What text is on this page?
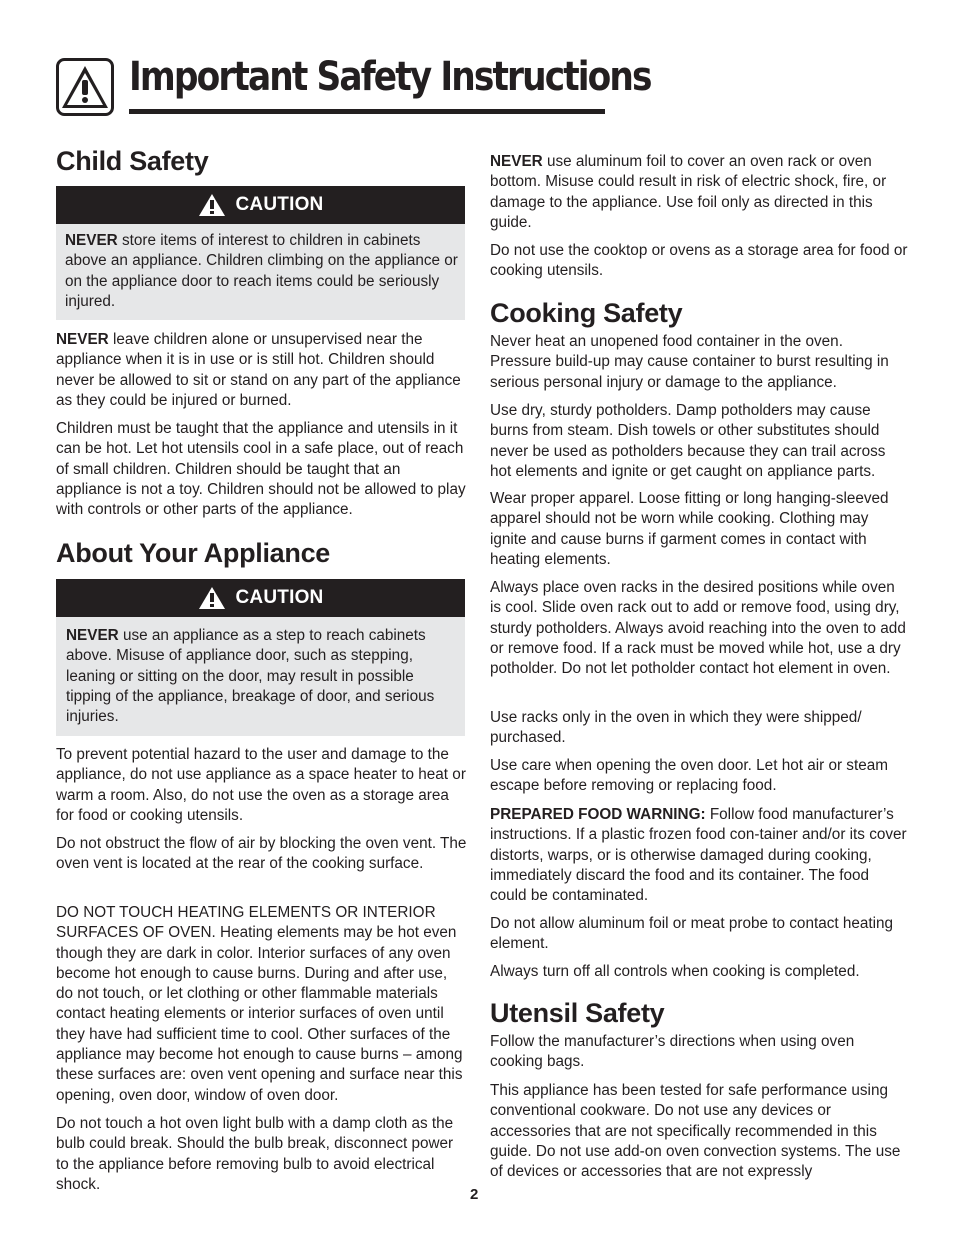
Important Safety Instructions
Child Safety
CAUTION

NEVER store items of interest to children in cabinets above an appliance. Children climbing on the appliance or on the appliance door to reach items could be seriously injured.

NEVER leave children alone or unsupervised near the appliance when it is in use or is still hot. Children should never be allowed to sit or stand on any part of the appliance as they could be injured or burned.

Children must be taught that the appliance and utensils in it can be hot. Let hot utensils cool in a safe place, out of reach of small children. Children should be taught that an appliance is not a toy. Children should not be allowed to play with controls or other parts of the appliance.

About Your Appliance
CAUTION

NEVER use an appliance as a step to reach cabinets above. Misuse of appliance door, such as stepping, leaning or sitting on the door, may result in possible tipping of the appliance, breakage of door, and serious injuries.

To prevent potential hazard to the user and damage to the appliance, do not use appliance as a space heater to heat or warm a room. Also, do not use the oven as a storage area for food or cooking utensils.

Do not obstruct the flow of air by blocking the oven vent. The oven vent is located at the rear of the cooking surface.

DO NOT TOUCH HEATING ELEMENTS OR INTERIOR SURFACES OF OVEN. Heating elements may be hot even though they are dark in color. Interior surfaces of any oven become hot enough to cause burns. During and after use, do not touch, or let clothing or other flammable materials contact heating elements or interior surfaces of oven until they have had sufficient time to cool. Other surfaces of the appliance may become hot enough to cause burns – among these surfaces are: oven vent opening and surface near this opening, oven door, window of oven door.

Do not touch a hot oven light bulb with a damp cloth as the bulb could break. Should the bulb break, disconnect power to the appliance before removing bulb to avoid electrical shock.

NEVER use aluminum foil to cover an oven rack or oven bottom. Misuse could result in risk of electric shock, fire, or damage to the appliance. Use foil only as directed in this guide.

Do not use the cooktop or ovens as a storage area for food or cooking utensils.

Cooking Safety

Never heat an unopened food container in the oven. Pressure build-up may cause container to burst resulting in serious personal injury or damage to the appliance.

Use dry, sturdy potholders. Damp potholders may cause burns from steam. Dish towels or other substitutes should never be used as potholders because they can trail across hot elements and ignite or get caught on appliance parts.

Wear proper apparel. Loose fitting or long hanging-sleeved apparel should not be worn while cooking. Clothing may ignite and cause burns if garment comes in contact with heating elements.

Always place oven racks in the desired positions while oven is cool. Slide oven rack out to add or remove food, using dry, sturdy potholders. Always avoid reaching into the oven to add or remove food. If a rack must be moved while hot, use a dry potholder. Do not let potholder contact hot element in oven.

Use racks only in the oven in which they were shipped/ purchased.

Use care when opening the oven door. Let hot air or steam escape before removing or replacing food.

PREPARED FOOD WARNING: Follow food manufacturer’s instructions. If a plastic frozen food con-tainer and/or its cover distorts, warps, or is otherwise damaged during cooking, immediately discard the food and its container. The food could be contaminated.

Do not allow aluminum foil or meat probe to contact heating element.

Always turn off all controls when cooking is completed.

Utensil Safety

Follow the manufacturer’s directions when using oven cooking bags.

This appliance has been tested for safe performance using conventional cookware. Do not use any devices or accessories that are not specifically recommended in this guide. Do not use add-on oven convection systems. The use of devices or accessories that are not expressly

2
